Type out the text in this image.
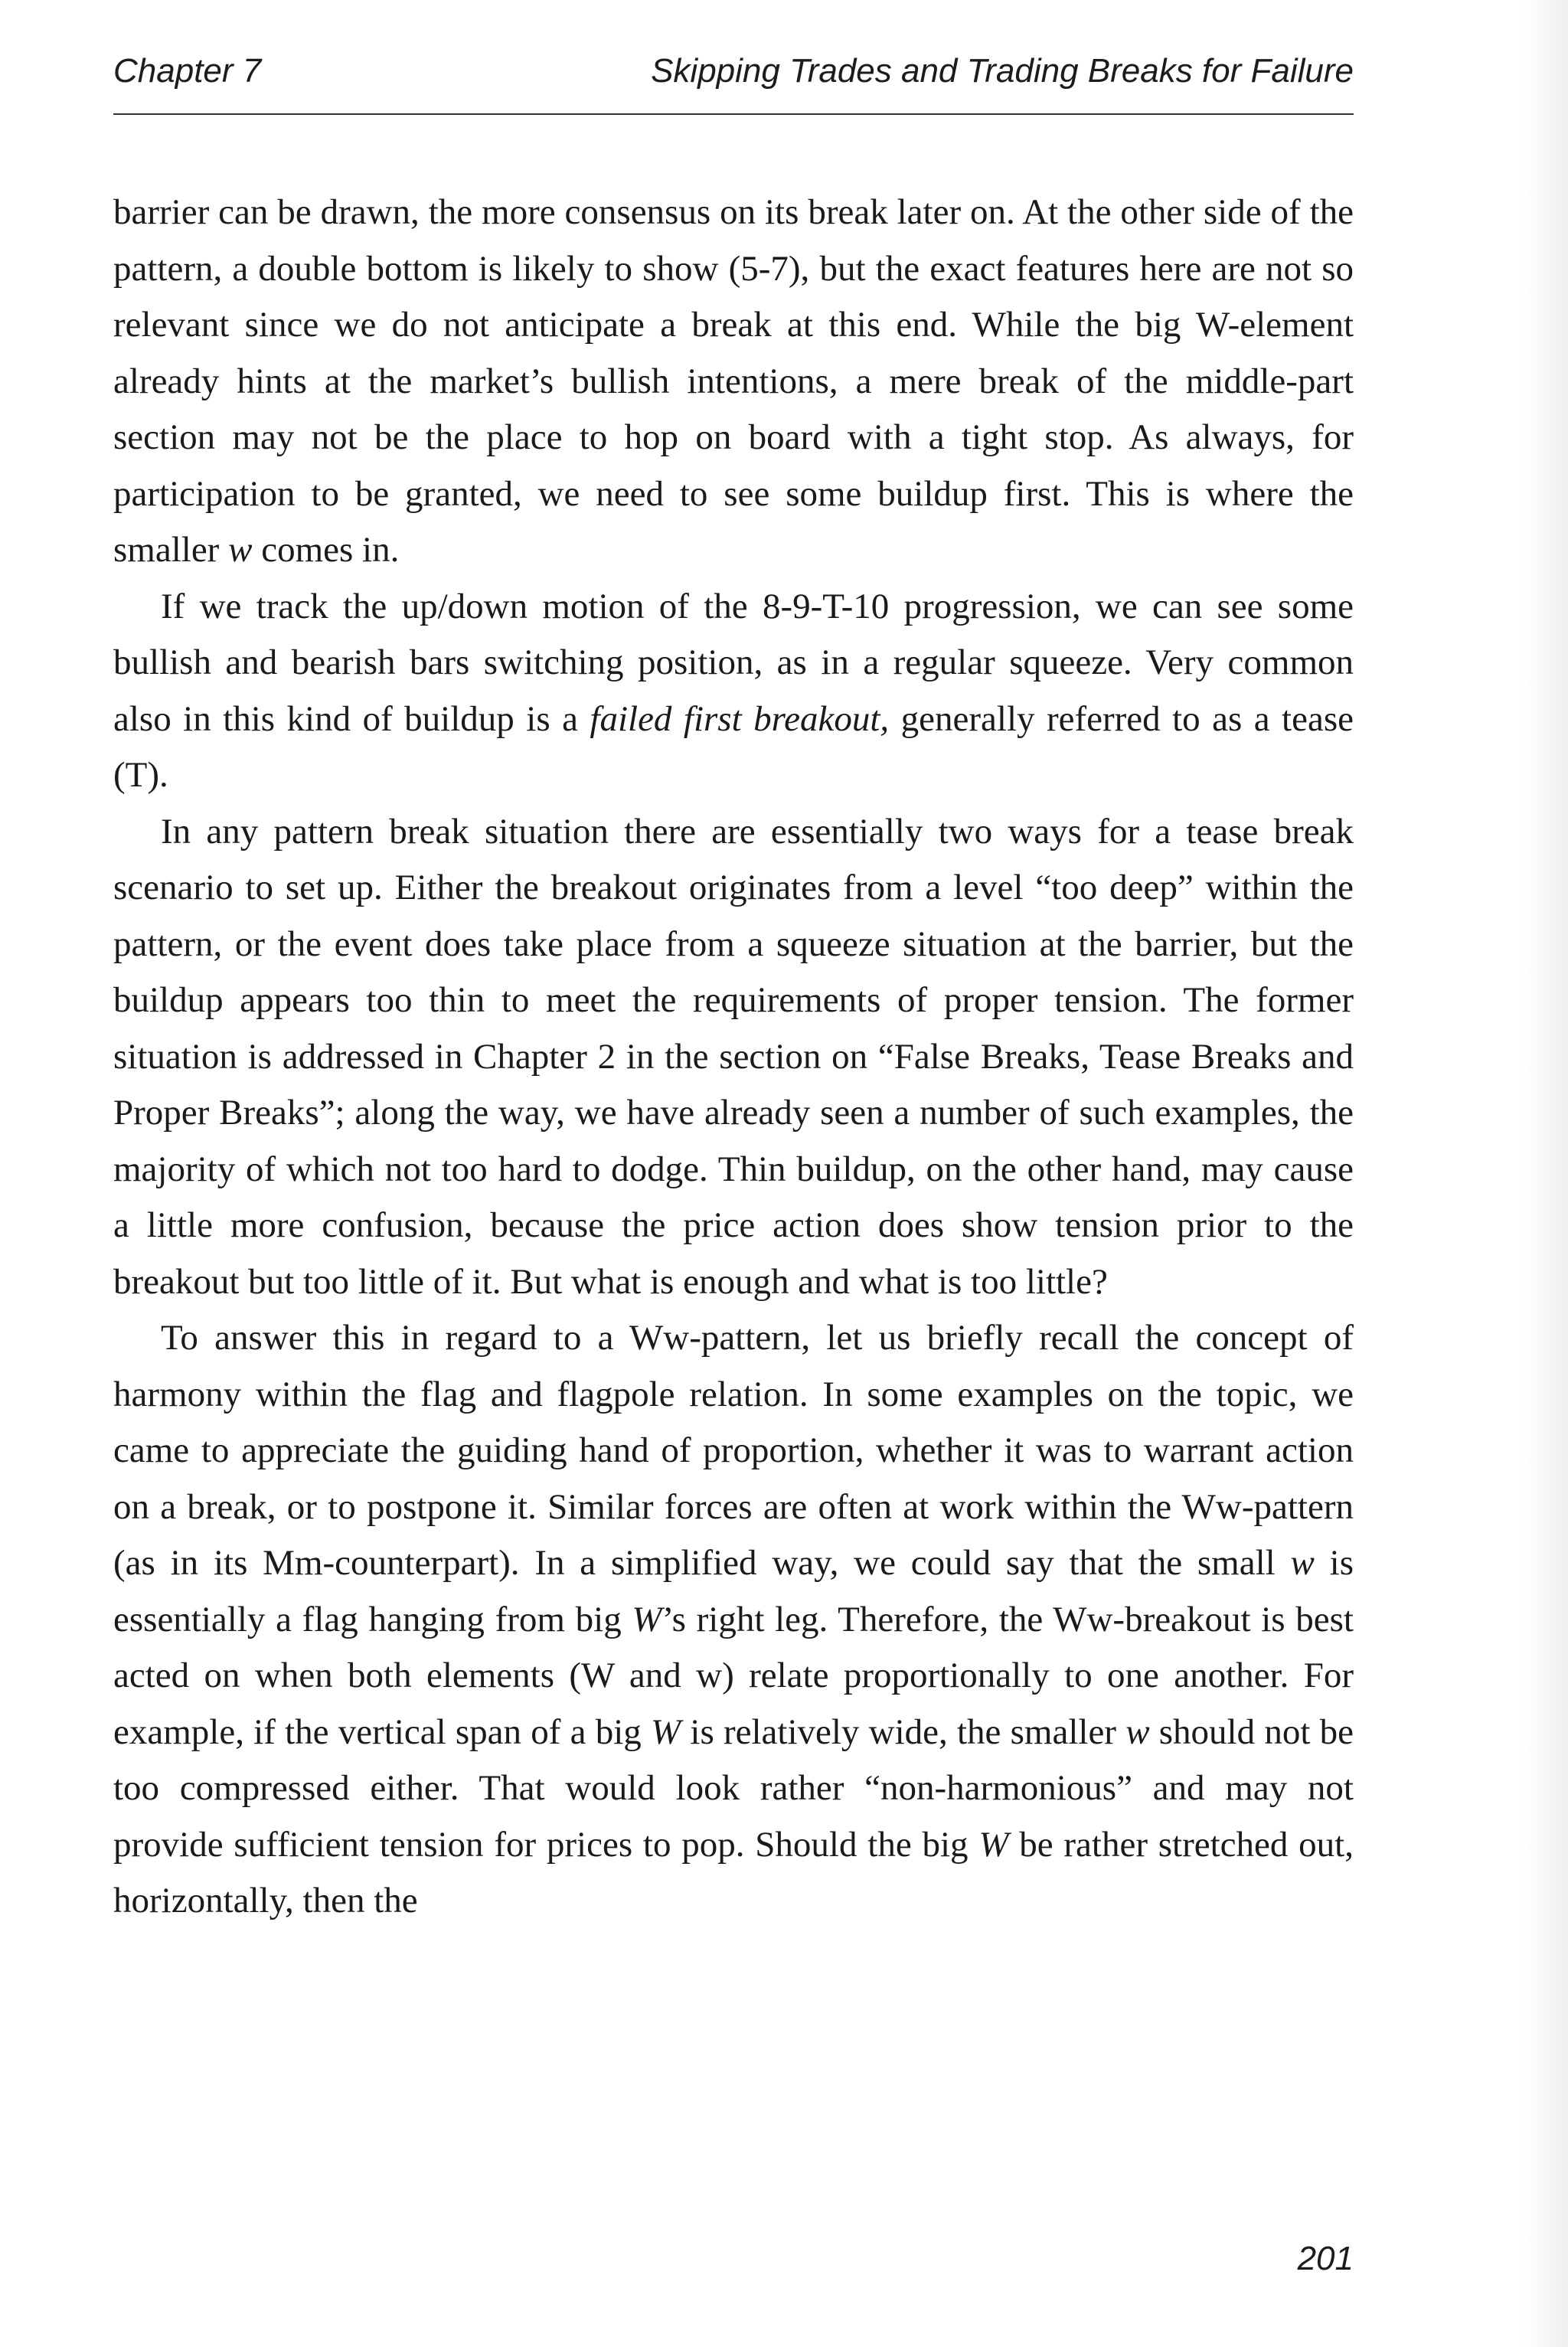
Chapter 7	Skipping Trades and Trading Breaks for Failure

barrier can be drawn, the more consensus on its break later on. At the other side of the pattern, a double bottom is likely to show (5-7), but the exact features here are not so relevant since we do not anticipate a break at this end. While the big W-element already hints at the market’s bullish intentions, a mere break of the middle-part section may not be the place to hop on board with a tight stop. As always, for participation to be granted, we need to see some buildup first. This is where the smaller w comes in.

If we track the up/down motion of the 8-9-T-10 progression, we can see some bullish and bearish bars switching position, as in a regular squeeze. Very common also in this kind of buildup is a failed first breakout, generally referred to as a tease (T).

In any pattern break situation there are essentially two ways for a tease break scenario to set up. Either the breakout originates from a level “too deep” within the pattern, or the event does take place from a squeeze situation at the barrier, but the buildup appears too thin to meet the requirements of proper tension. The former situation is addressed in Chapter 2 in the section on “False Breaks, Tease Breaks and Proper Breaks”; along the way, we have already seen a number of such examples, the majority of which not too hard to dodge. Thin buildup, on the other hand, may cause a little more confusion, because the price action does show tension prior to the breakout but too little of it. But what is enough and what is too little?

To answer this in regard to a Ww-pattern, let us briefly recall the concept of harmony within the flag and flagpole relation. In some examples on the topic, we came to appreciate the guiding hand of proportion, whether it was to warrant action on a break, or to postpone it. Similar forces are often at work within the Ww-pattern (as in its Mm-counterpart). In a simplified way, we could say that the small w is essentially a flag hanging from big W’s right leg. Therefore, the Ww-breakout is best acted on when both elements (W and w) relate proportionally to one another. For example, if the vertical span of a big W is relatively wide, the smaller w should not be too compressed either. That would look rather “non-harmonious” and may not provide sufficient tension for prices to pop. Should the big W be rather stretched out, horizontally, then the

201
